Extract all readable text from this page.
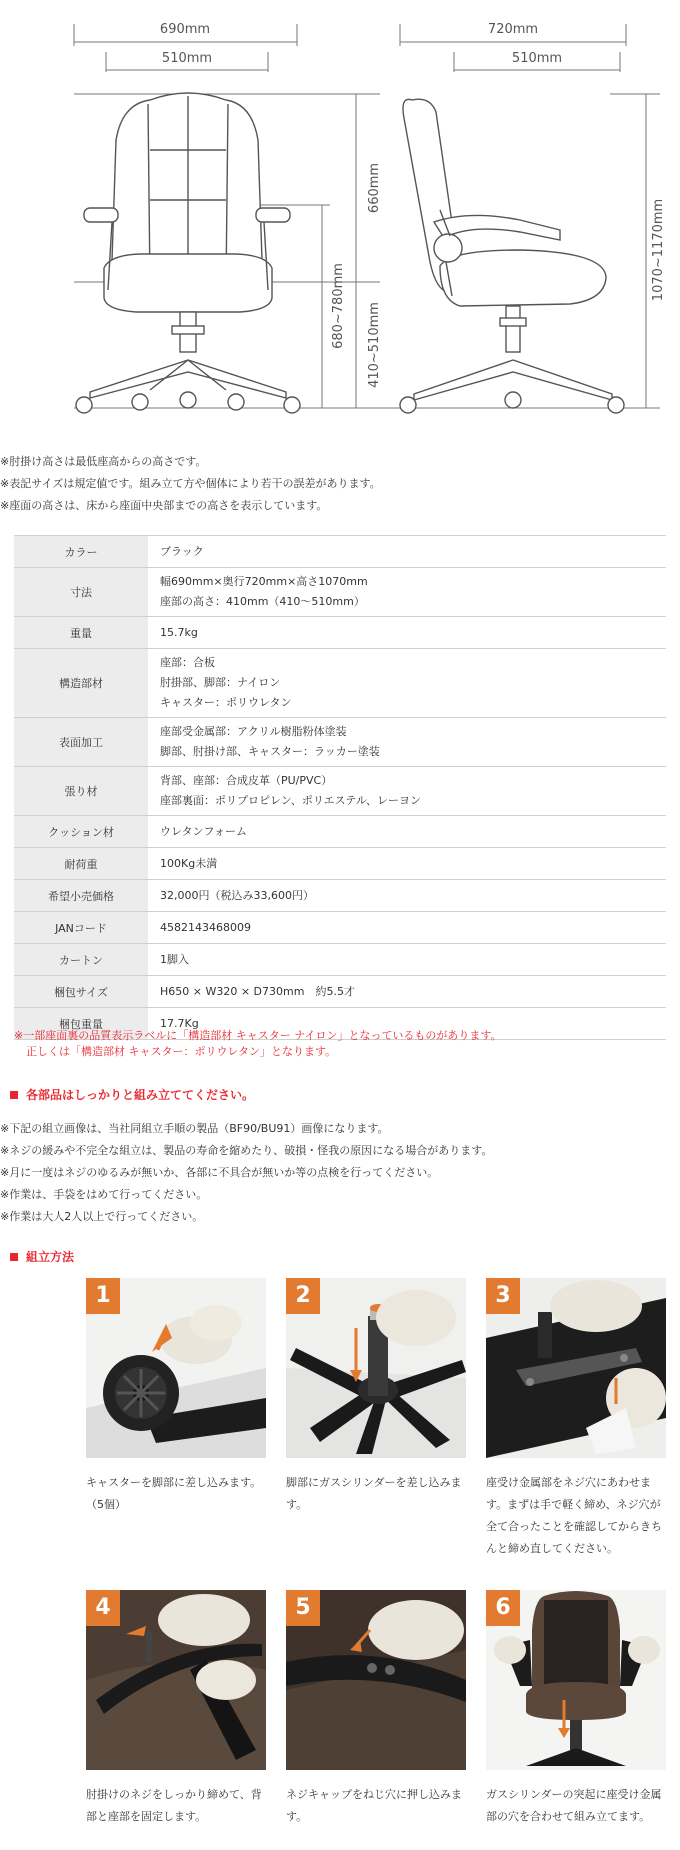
690mm
510mm
660mm
680~780mm 410~510mm
720mm
510mm
1070~1170mm

※肘掛け高さは最低座高からの高さです。

※表記サイズは規定値です。組み立て方や個体により若干の誤差があります。

※座面の高さは、床から座面中央部までの高さを表示しています。

カラー	ブラック

寸法	幅690mm×奥行720mm×高さ1070mm
座部の高さ：410mm（410～510mm）

重量	15.7kg

構造部材	座部：合板
肘掛部、脚部：ナイロン
キャスター：ポリウレタン

表面加工	座部受金属部：アクリル樹脂粉体塗装
脚部、肘掛け部、キャスター：ラッカー塗装

張り材	背部、座部：合成皮革（PU/PVC）
座部裏面：ポリプロピレン、ポリエステル、レーヨン

クッション材	ウレタンフォーム

耐荷重	100Kg未満

希望小売価格	32,000円（税込み33,600円）

JANコード	4582143468009

カートン	1脚入

梱包サイズ	H650 × W320 × D730mm　約5.5才

梱包重量	17.7Kg

※一部座面裏の品質表示ラベルに「構造部材 キャスター ナイロン」となっているものがあります。

正しくは「構造部材 キャスター：ポリウレタン」となります。

各部品はしっかりと組み立ててください。

※下記の組立画像は、当社同組立手順の製品（BF90/BU91）画像になります。

※ネジの緩みや不完全な組立は、製品の寿命を縮めたり、破損・怪我の原因になる場合があります。

※月に一度はネジのゆるみが無いか、各部に不具合が無いか等の点検を行ってください。

※作業は、手袋をはめて行ってください。

※作業は大人2人以上で行ってください。

組立方法
1
キャスターを脚部に差し込みます。（5個）
2
脚部にガスシリンダーを差し込みます。
3
座受け金属部をネジ穴にあわせます。まずは手で軽く締め、ネジ穴が全て合ったことを確認してからきちんと締め直してください。
4
肘掛けのネジをしっかり締めて、背部と座部を固定します。
5
ネジキャップをねじ穴に押し込みます。
6
ガスシリンダーの突起に座受け金属部の穴を合わせて組み立てます。
